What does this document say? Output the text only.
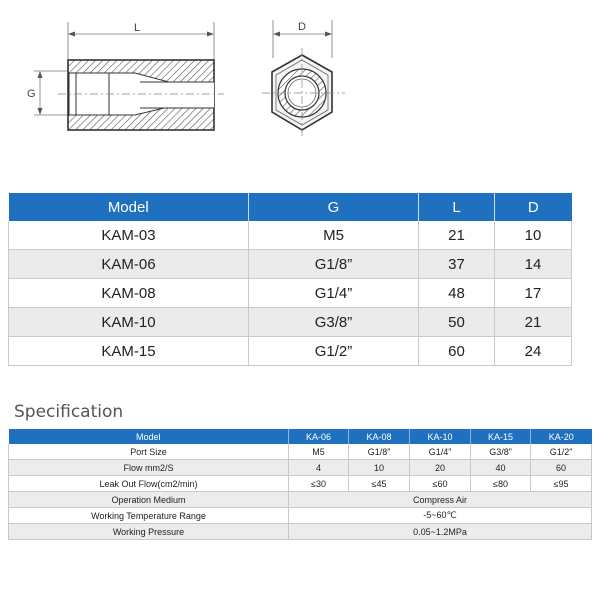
L
G
D
Model	G	L	D
KAM-03	M5	21	10
KAM-06	G1/8”	37	14
KAM-08	G1/4”	48	17
KAM-10	G3/8”	50	21
KAM-15	G1/2”	60	24
Specification
Model	KA-06	KA-08	KA-10	KA-15	KA-20
Port Size	M5	G1/8”	G1/4”	G3/8”	G1/2”
Flow mm2/S	4	10	20	40	60
Leak Out Flow(cm2/min)	≤30	≤45	≤60	≤80	≤95
Operation Medium	Compress Air				
Working Temperature Range	-5~60℃				
Working Pressure	0.05~1.2MPa				
